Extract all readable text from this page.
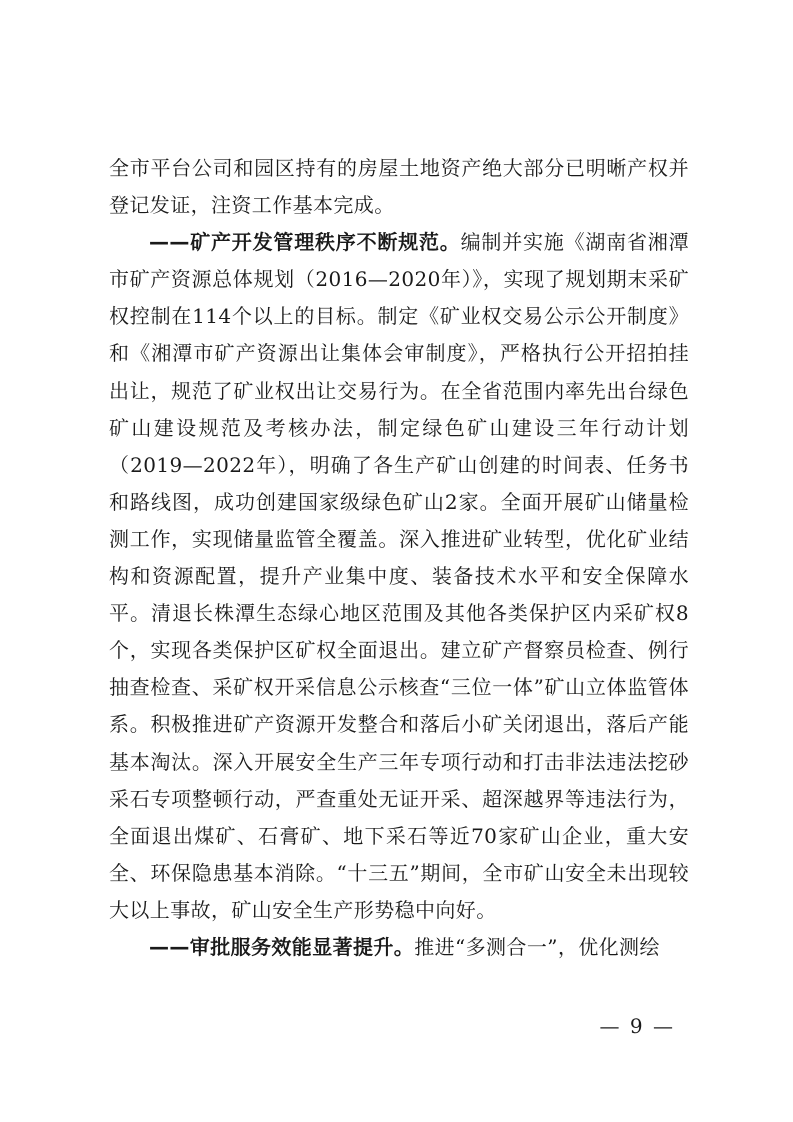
全市平台公司和园区持有的房屋土地资产绝大部分已明晰产权并登记发证，注资工作基本完成。

——矿产开发管理秩序不断规范。编制并实施《湖南省湘潭市矿产资源总体规划（2016—2020年）》，实现了规划期末采矿权控制在114个以上的目标。制定《矿业权交易公示公开制度》和《湘潭市矿产资源出让集体会审制度》，严格执行公开招拍挂出让，规范了矿业权出让交易行为。在全省范围内率先出台绿色矿山建设规范及考核办法，制定绿色矿山建设三年行动计划（2019—2022年），明确了各生产矿山创建的时间表、任务书和路线图，成功创建国家级绿色矿山2家。全面开展矿山储量检测工作，实现储量监管全覆盖。深入推进矿业转型，优化矿业结构和资源配置，提升产业集中度、装备技术水平和安全保障水平。清退长株潭生态绿心地区范围及其他各类保护区内采矿权8个，实现各类保护区矿权全面退出。建立矿产督察员检查、例行抽查检查、采矿权开采信息公示核查“三位一体”矿山立体监管体系。积极推进矿产资源开发整合和落后小矿关闭退出，落后产能基本淘汰。深入开展安全生产三年专项行动和打击非法违法挖砂采石专项整顿行动，严查重处无证开采、超深越界等违法行为，全面退出煤矿、石膏矿、地下采石等近70家矿山企业，重大安全、环保隐患基本消除。“十三五”期间，全市矿山安全未出现较大以上事故，矿山安全生产形势稳中向好。

——审批服务效能显著提升。推进“多测合一”，优化测绘

— 9 —
